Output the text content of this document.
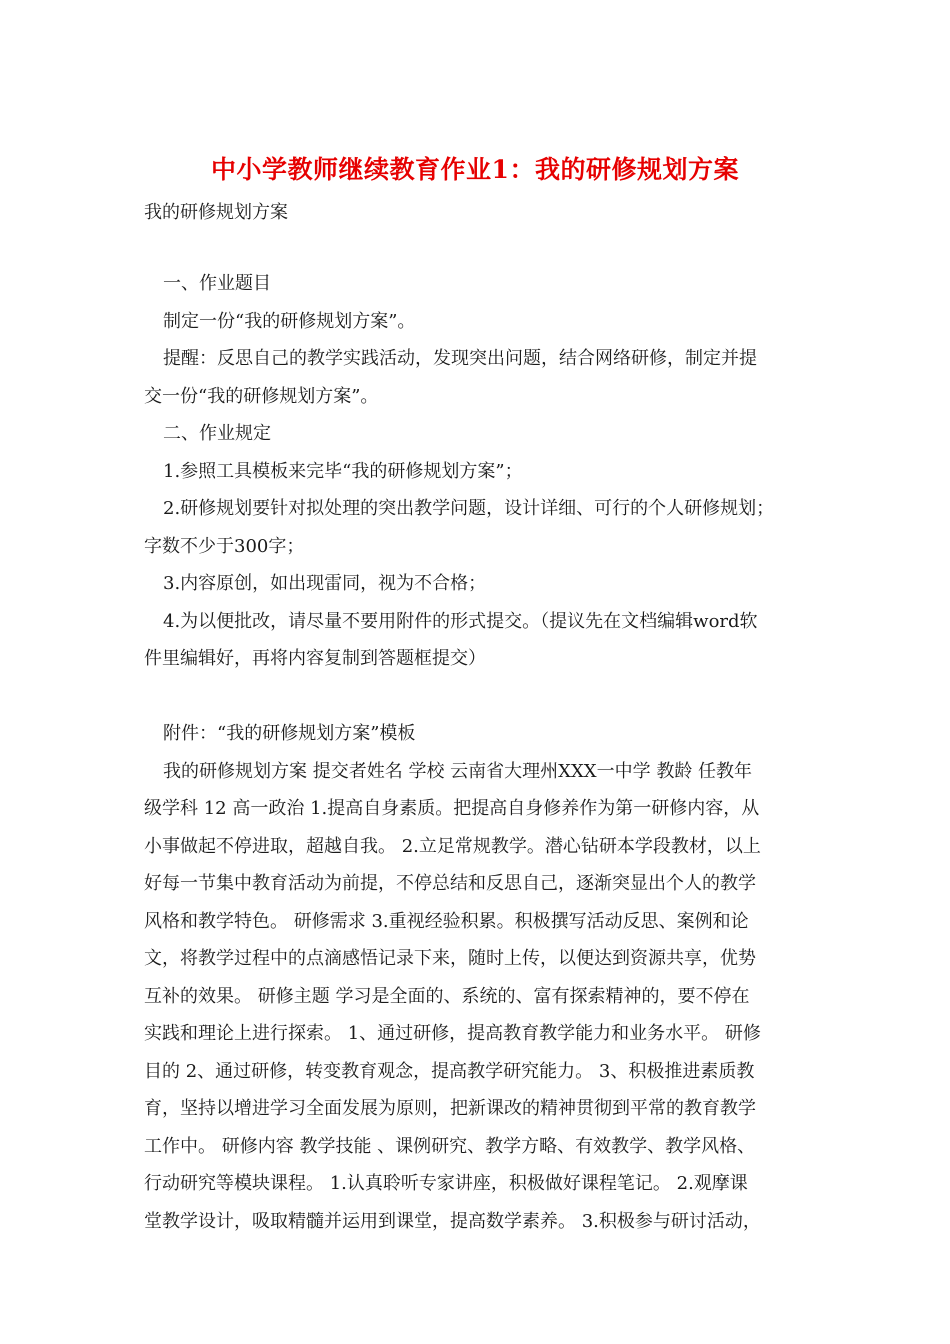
中小学教师继续教育作业1：我的研修规划方案
我的研修规划方案
一、作业题目
制定一份“我的研修规划方案”。
提醒：反思自己的教学实践活动，发现突出问题，结合网络研修，制定并提
交一份“我的研修规划方案”。
二、作业规定
1.参照工具模板来完毕“我的研修规划方案”；
2.研修规划要针对拟处理的突出教学问题，设计详细、可行的个人研修规划；
字数不少于300字；
3.内容原创，如出现雷同，视为不合格；
4.为以便批改，请尽量不要用附件的形式提交。（提议先在文档编辑word软
件里编辑好，再将内容复制到答题框提交）
附件：“我的研修规划方案”模板
我的研修规划方案 提交者姓名 学校 云南省大理州XXX一中学 教龄 任教年
级学科 12 高一政治 1.提高自身素质。把提高自身修养作为第一研修内容，从
小事做起不停进取，超越自我。 2.立足常规教学。潜心钻研本学段教材，以上
好每一节集中教育活动为前提，不停总结和反思自己，逐渐突显出个人的教学
风格和教学特色。 研修需求 3.重视经验积累。积极撰写活动反思、案例和论
文，将教学过程中的点滴感悟记录下来，随时上传，以便达到资源共享，优势
互补的效果。 研修主题 学习是全面的、系统的、富有探索精神的，要不停在
实践和理论上进行探索。 1、通过研修，提高教育教学能力和业务水平。 研修
目的 2、通过研修，转变教育观念，提高教学研究能力。 3、积极推进素质教
育，坚持以增进学习全面发展为原则，把新课改的精神贯彻到平常的教育教学
工作中。 研修内容 教学技能 、课例研究、教学方略、有效教学、教学风格、
行动研究等模块课程。 1.认真聆听专家讲座，积极做好课程笔记。 2.观摩课
堂教学设计，吸取精髓并运用到课堂，提高数学素养。 3.积极参与研讨活动，
